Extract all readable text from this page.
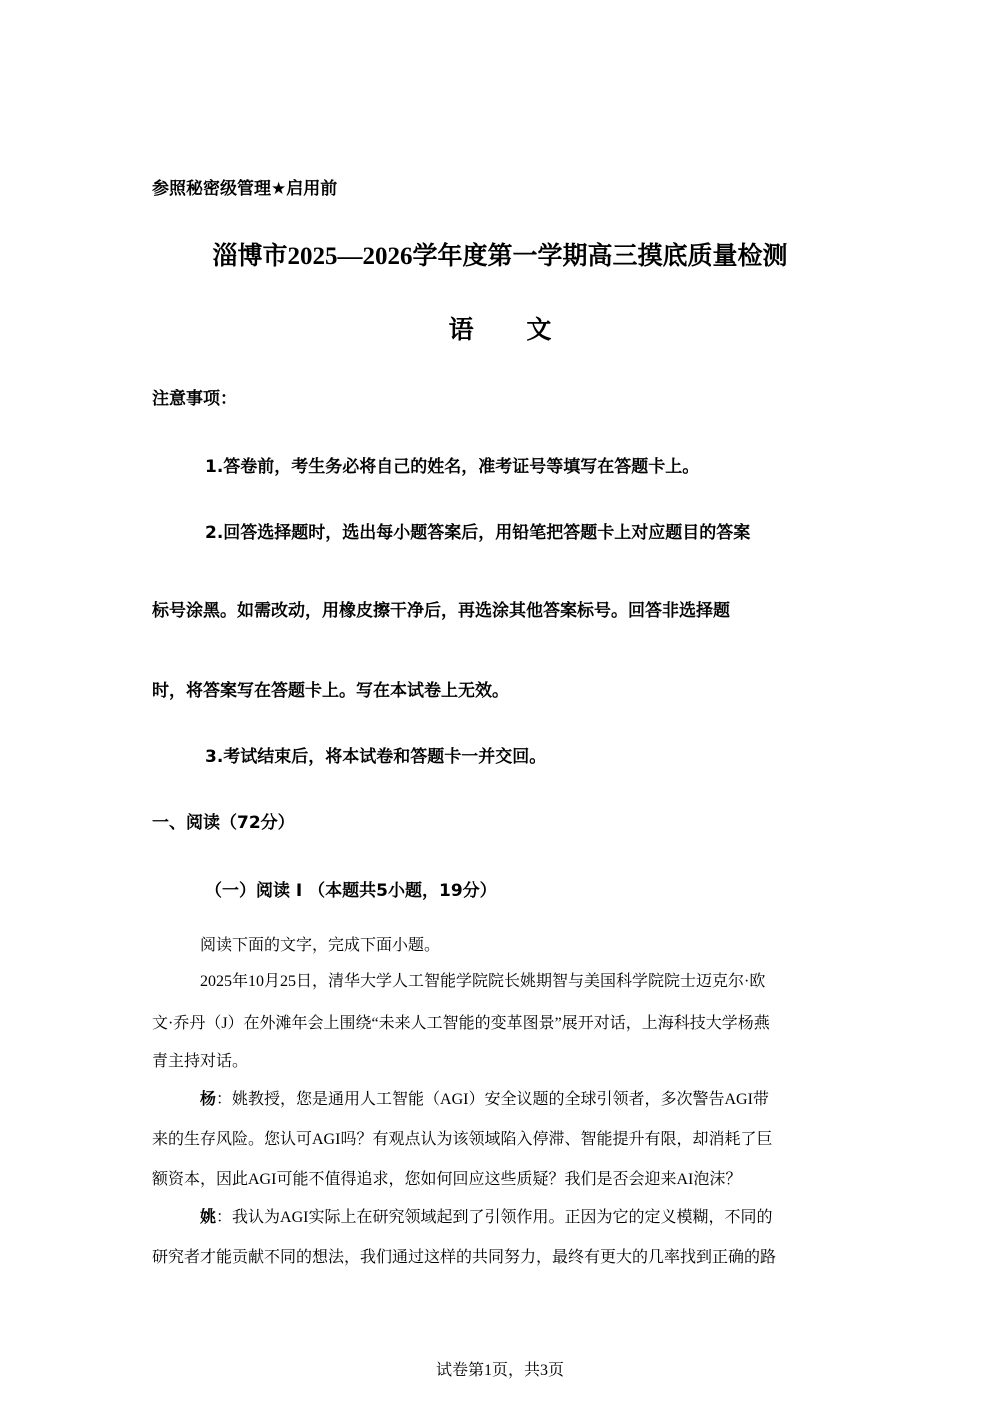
参照秘密级管理★启用前
淄博市2025—2026学年度第一学期高三摸底质量检测
语 文
注意事项：
1.答卷前，考生务必将自己的姓名，准考证号等填写在答题卡上。
2.回答选择题时，选出每小题答案后，用铅笔把答题卡上对应题目的答案
标号涂黑。如需改动，用橡皮擦干净后，再选涂其他答案标号。回答非选择题
时，将答案写在答题卡上。写在本试卷上无效。
3.考试结束后，将本试卷和答题卡一并交回。
一、阅读（72分）
（一）阅读 I （本题共5小题，19分）
阅读下面的文字，完成下面小题。
2025年10月25日，清华大学人工智能学院院长姚期智与美国科学院院士迈克尔·欧
文·乔丹（J）在外滩年会上围绕“未来人工智能的变革图景”展开对话，上海科技大学杨燕
青主持对话。
杨：姚教授，您是通用人工智能（AGI）安全议题的全球引领者，多次警告AGI带
来的生存风险。您认可AGI吗？有观点认为该领域陷入停滞、智能提升有限，却消耗了巨
额资本，因此AGI可能不值得追求，您如何回应这些质疑？我们是否会迎来AI泡沫？
姚：我认为AGI实际上在研究领域起到了引领作用。正因为它的定义模糊，不同的
研究者才能贡献不同的想法，我们通过这样的共同努力，最终有更大的几率找到正确的路
试卷第1页，共3页
